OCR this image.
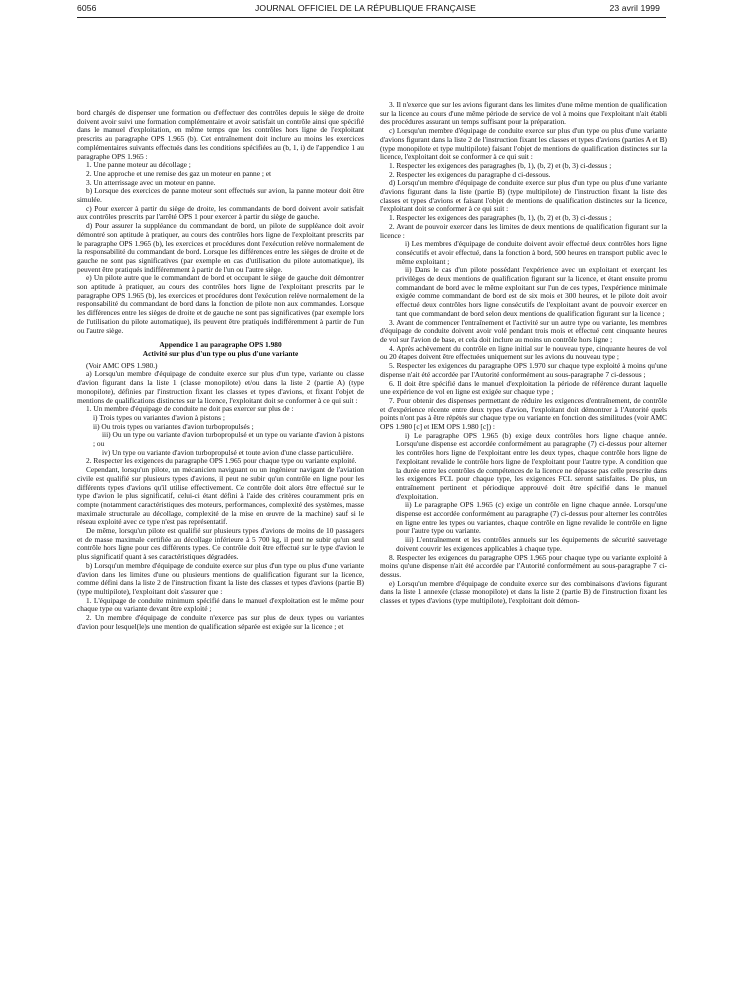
6056	JOURNAL OFFICIEL DE LA RÉPUBLIQUE FRANÇAISE	23 avril 1999

bord chargés de dispenser une formation ou d'effectuer des contrôles depuis le siège de droite doivent avoir suivi une formation complémentaire et avoir satisfait un contrôle ainsi que spécifié dans le manuel d'exploitation, en même temps que les contrôles hors ligne de l'exploitant prescrits au paragraphe OPS 1.965 (b). Cet entraînement doit inclure au moins les exercices complémentaires suivants effectués dans les conditions spécifiées au (b, 1, i) de l'appendice 1 au paragraphe OPS 1.965 :

1. Une panne moteur au décollage ;

2. Une approche et une remise des gaz un moteur en panne ; et

3. Un atterrissage avec un moteur en panne.

b) Lorsque des exercices de panne moteur sont effectués sur avion, la panne moteur doit être simulée.

c) Pour exercer à partir du siège de droite, les commandants de bord doivent avoir satisfait aux contrôles prescrits par l'arrêté OPS 1 pour exercer à partir du siège de gauche.

d) Pour assurer la suppléance du commandant de bord, un pilote de suppléance doit avoir démontré son aptitude à pratiquer, au cours des contrôles hors ligne de l'exploitant prescrits par le paragraphe OPS 1.965 (b), les exercices et procédures dont l'exécution relève normalement de la responsabilité du commandant de bord. Lorsque les différences entre les sièges de droite et de gauche ne sont pas significatives (par exemple en cas d'utilisation du pilote automatique), ils peuvent être pratiqués indifféremment à partir de l'un ou l'autre siège.

e) Un pilote autre que le commandant de bord et occupant le siège de gauche doit démontrer son aptitude à pratiquer, au cours des contrôles hors ligne de l'exploitant prescrits par le paragraphe OPS 1.965 (b), les exercices et procédures dont l'exécution relève normalement de la responsabilité du commandant de bord dans la fonction de pilote non aux commandes. Lorsque les différences entre les sièges de droite et de gauche ne sont pas significatives (par exemple lors de l'utilisation du pilote automatique), ils peuvent être pratiqués indifféremment à partir de l'un ou l'autre siège.

Appendice 1 au paragraphe OPS 1.980

Activité sur plus d'un type ou plus d'une variante

(Voir AMC OPS 1.980.)

a) Lorsqu'un membre d'équipage de conduite exerce sur plus d'un type, variante ou classe d'avion figurant dans la liste 1 (classe monopilote) et/ou dans la liste 2 (partie A) (type monopilote), définies par l'instruction fixant les classes et types d'avions, et fixant l'objet de mentions de qualifications distinctes sur la licence, l'exploitant doit se conformer à ce qui suit :

1. Un membre d'équipage de conduite ne doit pas exercer sur plus de :

i) Trois types ou variantes d'avion à pistons ;

ii) Ou trois types ou variantes d'avion turbopropulsés ;

iii) Ou un type ou variante d'avion turbopropulsé et un type ou variante d'avion à pistons ; ou

iv) Un type ou variante d'avion turbopropulsé et toute avion d'une classe particulière.

2. Respecter les exigences du paragraphe OPS 1.965 pour chaque type ou variante exploité.

Cependant, lorsqu'un pilote, un mécanicien naviguant ou un ingénieur navigant de l'aviation civile est qualifié sur plusieurs types d'avions, il peut ne subir qu'un contrôle en ligne pour les différents types d'avions qu'il utilise effectivement. Ce contrôle doit alors être effectué sur le type d'avion le plus significatif, celui-ci étant défini à l'aide des critères couramment pris en compte (notamment caractéristiques des moteurs, performances, complexité des systèmes, masse maximale structurale au décollage, complexité de la mise en œuvre de la machine) sauf si le réseau exploité avec ce type n'est pas représentatif.

De même, lorsqu'un pilote est qualifié sur plusieurs types d'avions de moins de 10 passagers et de masse maximale certifiée au décollage inférieure à 5 700 kg, il peut ne subir qu'un seul contrôle hors ligne pour ces différents types. Ce contrôle doit être effectué sur le type d'avion le plus significatif quant à ses caractéristiques dégradées.

b) Lorsqu'un membre d'équipage de conduite exerce sur plus d'un type ou plus d'une variante d'avion dans les limites d'une ou plusieurs mentions de qualification figurant sur la licence, comme défini dans la liste 2 de l'instruction fixant la liste des classes et types d'avions (partie B) (type multipilote), l'exploitant doit s'assurer que :

1. L'équipage de conduite minimum spécifié dans le manuel d'exploitation est le même pour chaque type ou variante devant être exploité ;

2. Un membre d'équipage de conduite n'exerce pas sur plus de deux types ou variantes d'avion pour lesquel(le)s une mention de qualification séparée est exigée sur la licence ; et

3. Il n'exerce que sur les avions figurant dans les limites d'une même mention de qualification sur la licence au cours d'une même période de service de vol à moins que l'exploitant n'ait établi des procédures assurant un temps suffisant pour la préparation.

c) Lorsqu'un membre d'équipage de conduite exerce sur plus d'un type ou plus d'une variante d'avions figurant dans la liste 2 de l'instruction fixant les classes et types d'avions (parties A et B) (type monopilote et type multipilote) faisant l'objet de mentions de qualification distinctes sur la licence, l'exploitant doit se conformer à ce qui suit :

1. Respecter les exigences des paragraghes (b, 1), (b, 2) et (b, 3) ci-dessus ;

2. Respecter les exigences du paragraphe d ci-dessous.

d) Lorsqu'un membre d'équipage de conduite exerce sur plus d'un type ou plus d'une variante d'avions figurant dans la liste (partie B) (type multipilote) de l'instruction fixant la liste des classes et types d'avions et faisant l'objet de mentions de qualification distinctes sur la licence, l'exploitant doit se conformer à ce qui suit :

1. Respecter les exigences des paragraphes (b, 1), (b, 2) et (b, 3) ci-dessus ;

2. Avant de pouvoir exercer dans les limites de deux mentions de qualification figurant sur la licence :

i) Les membres d'équipage de conduite doivent avoir effectué deux contrôles hors ligne consécutifs et avoir effectué, dans la fonction à bord, 500 heures en transport public avec le même exploitant ;

ii) Dans le cas d'un pilote possédant l'expérience avec un exploitant et exerçant les privilèges de deux mentions de qualification figurant sur la licence, et étant ensuite promu commandant de bord avec le même exploitant sur l'un de ces types, l'expérience minimale exigée comme commandant de bord est de six mois et 300 heures, et le pilote doit avoir effectué deux contrôles hors ligne consécutifs de l'exploitant avant de pouvoir exercer en tant que commandant de bord selon deux mentions de qualification figurant sur la licence ;

3. Avant de commencer l'entraînement et l'activité sur un autre type ou variante, les membres d'équipage de conduite doivent avoir volé pendant trois mois et effectué cent cinquante heures de vol sur l'avion de base, et cela doit inclure au moins un contrôle hors ligne ;

4. Après achèvement du contrôle en ligne initial sur le nouveau type, cinquante heures de vol ou 20 étapes doivent être effectuées uniquement sur les avions du nouveau type ;

5. Respecter les exigences du paragraphe OPS 1.970 sur chaque type exploité à moins qu'une dispense n'ait été accordée par l'Autorité conformément au sous-paragraphe 7 ci-dessous ;

6. Il doit être spécifié dans le manuel d'exploitation la période de référence durant laquelle une expérience de vol en ligne est exigée sur chaque type ;

7. Pour obtenir des dispenses permettant de réduire les exigences d'entraînement, de contrôle et d'expérience récente entre deux types d'avion, l'exploitant doit démontrer à l'Autorité quels points n'ont pas à être répétés sur chaque type ou variante en fonction des similitudes (voir AMC OPS 1.980 [c] et IEM OPS 1.980 [c]) :

i) Le paragraphe OPS 1.965 (b) exige deux contrôles hors ligne chaque année. Lorsqu'une dispense est accordée conformément au paragraphe (7) ci-dessus pour alterner les contrôles hors ligne de l'exploitant entre les deux types, chaque contrôle hors ligne de l'exploitant revalide le contrôle hors ligne de l'exploitant pour l'autre type. A condition que la durée entre les contrôles de compétences de la licence ne dépasse pas celle prescrite dans les exigences FCL pour chaque type, les exigences FCL seront satisfaites. De plus, un entraînement pertinent et périodique approuvé doit être spécifié dans le manuel d'exploitation.

ii) Le paragraphe OPS 1.965 (c) exige un contrôle en ligne chaque année. Lorsqu'une dispense est accordée conformément au paragraphe (7) ci-dessus pour alterner les contrôles en ligne entre les types ou variantes, chaque contrôle en ligne revalide le contrôle en ligne pour l'autre type ou variante.

iii) L'entraînement et les contrôles annuels sur les équipements de sécurité sauvetage doivent couvrir les exigences applicables à chaque type.

8. Respecter les exigences du paragraphe OPS 1.965 pour chaque type ou variante exploité à moins qu'une dispense n'ait été accordée par l'Autorité conformément au sous-paragraphe 7 ci-dessus.

e) Lorsqu'un membre d'équipage de conduite exerce sur des combinaisons d'avions figurant dans la liste 1 annexée (classe monopilote) et dans la liste 2 (partie B) de l'instruction fixant les classes et types d'avions (type multipilote), l'exploitant doit démon-
